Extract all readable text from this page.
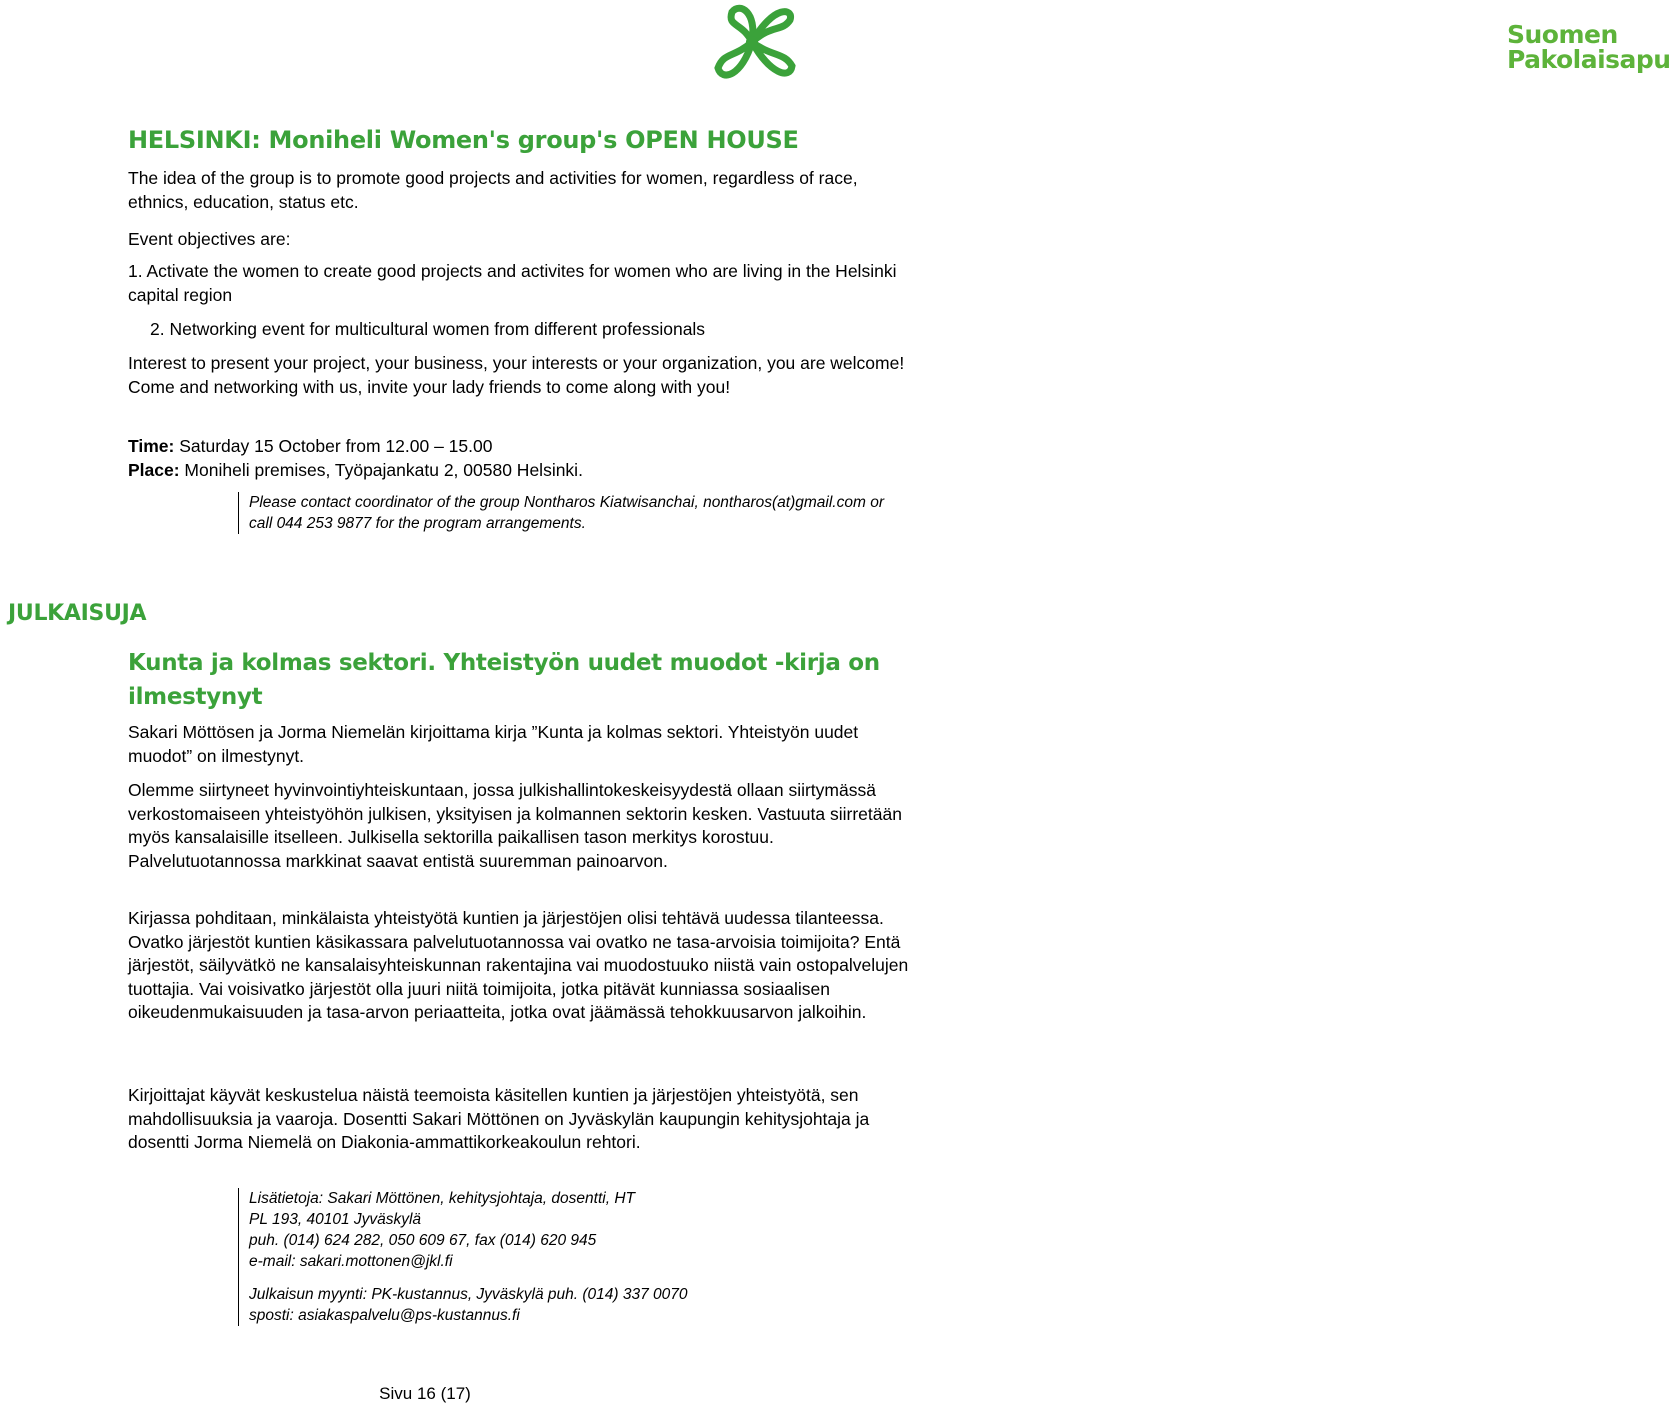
Suomen
Pakolaisapu
HELSINKI: Moniheli Women's group's OPEN HOUSE
The idea of the group is to promote good projects and activities for women, regardless of race, ethnics, education, status etc.
Event objectives are:
1. Activate the women to create good projects and activites for women who are living in the Helsinki capital region
2. Networking event for multicultural women from different professionals
Interest to present your project, your business, your interests or your organization, you are welcome! Come and networking with us, invite your lady friends to come along with you!
Time: Saturday 15 October from 12.00 – 15.00
Place: Moniheli premises, Työpajankatu 2, 00580 Helsinki.

Please contact coordinator of the group Nontharos Kiatwisanchai, nontharos(at)gmail.com or call 044 253 9877 for the program arrangements.

JULKAISUJA
Kunta ja kolmas sektori. Yhteistyön uudet muodot -kirja on ilmestynyt
Sakari Möttösen ja Jorma Niemelän kirjoittama kirja ”Kunta ja kolmas sektori. Yhteistyön uudet muodot” on ilmestynyt.
Olemme siirtyneet hyvinvointiyhteiskuntaan, jossa julkishallintokeskeisyydestä ollaan siirtymässä verkostomaiseen yhteistyöhön julkisen, yksityisen ja kolmannen sektorin kesken. Vastuuta siirretään myös kansalaisille itselleen. Julkisella sektorilla paikallisen tason merkitys korostuu. Palvelutuotannossa markkinat saavat entistä suuremman painoarvon.
Kirjassa pohditaan, minkälaista yhteistyötä kuntien ja järjestöjen olisi tehtävä uudessa tilanteessa. Ovatko järjestöt kuntien käsikassara palvelutuotannossa vai ovatko ne tasa-arvoisia toimijoita? Entä järjestöt, säilyvätkö ne kansalaisyhteiskunnan rakentajina vai muodostuuko niistä vain ostopalvelujen tuottajia. Vai voisivatko järjestöt olla juuri niitä toimijoita, jotka pitävät kunniassa sosiaalisen oikeudenmukaisuuden ja tasa-arvon periaatteita, jotka ovat jäämässä tehokkuusarvon jalkoihin.
Kirjoittajat käyvät keskustelua näistä teemoista käsitellen kuntien ja järjestöjen yhteistyötä, sen mahdollisuuksia ja vaaroja. Dosentti Sakari Möttönen on Jyväskylän kaupungin kehitysjohtaja ja dosentti Jorma Niemelä on Diakonia-ammattikorkeakoulun rehtori.

Lisätietoja: Sakari Möttönen, kehitysjohtaja, dosentti, HT

PL 193, 40101 Jyväskylä

puh. (014) 624 282, 050 609 67, fax (014) 620 945

e-mail: sakari.mottonen@jkl.fi

Julkaisun myynti: PK-kustannus, Jyväskylä puh. (014) 337 0070

sposti: asiakaspalvelu@ps-kustannus.fi

Sivu 16 (17)
